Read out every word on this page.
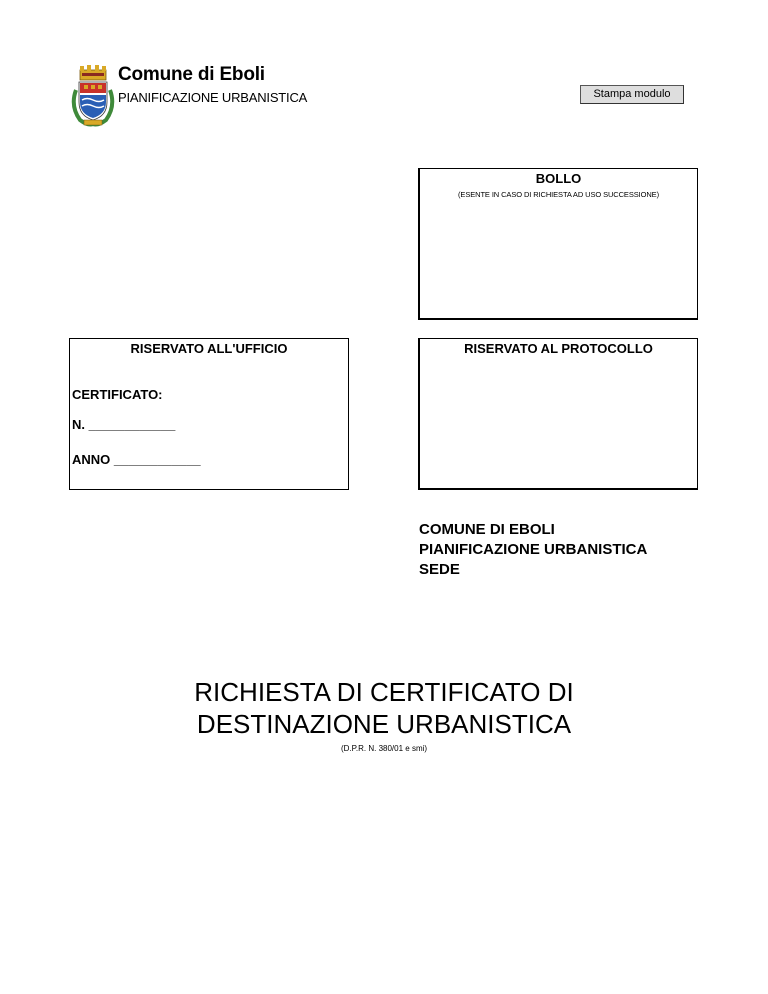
Comune di Eboli
PIANIFICAZIONE URBANISTICA	Stampa modulo
BOLLO
(ESENTE IN CASO DI RICHIESTA AD USO SUCCESSIONE)
RISERVATO ALL'UFFICIO
CERTIFICATO:
N. ____________
ANNO ____________
RISERVATO AL PROTOCOLLO
COMUNE DI EBOLI
PIANIFICAZIONE URBANISTICA
SEDE
RICHIESTA DI CERTIFICATO DI
DESTINAZIONE URBANISTICA
(D.P.R. N. 380/01 e smi)
